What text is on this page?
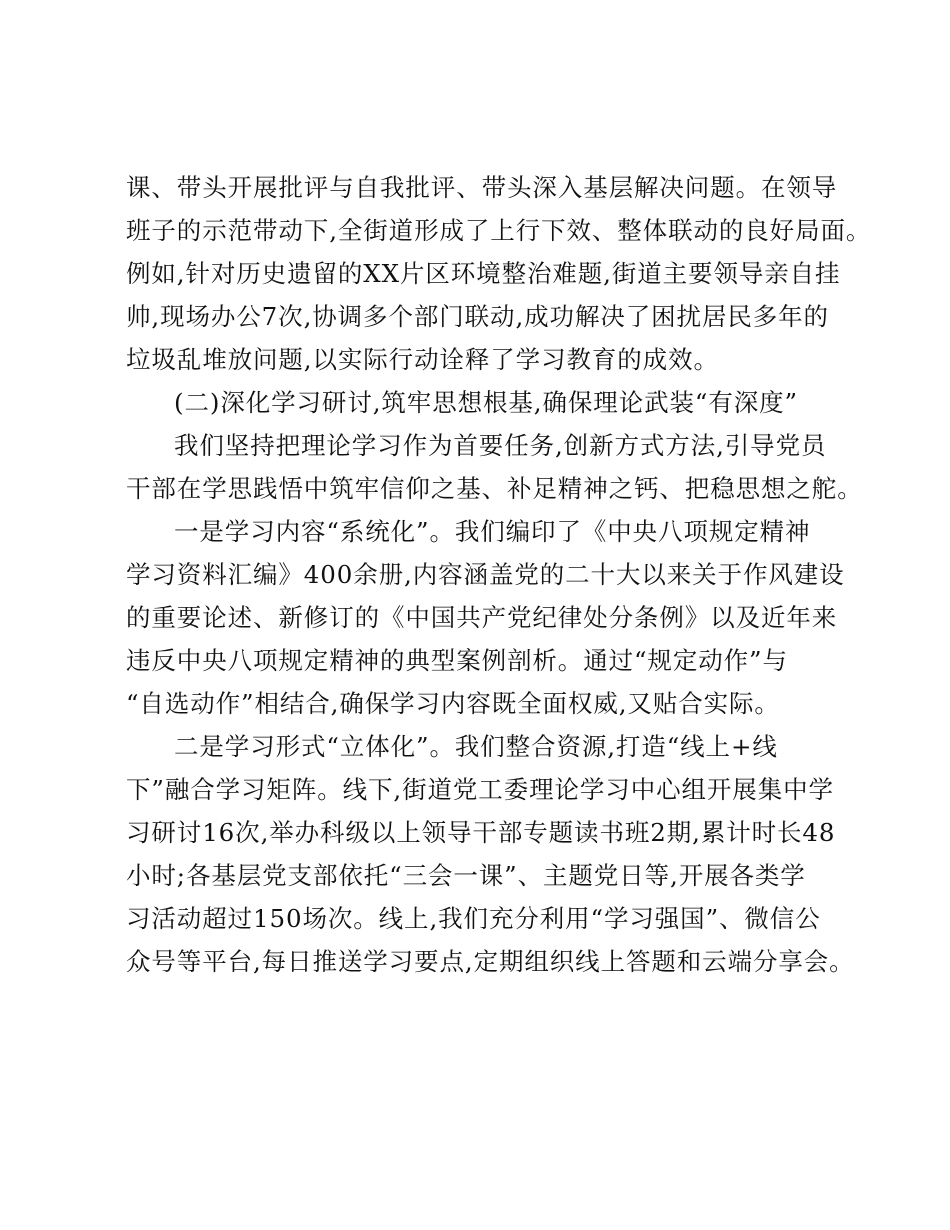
课、带头开展批评与自我批评、带头深入基层解决问题。在领导
班子的示范带动下,全街道形成了上行下效、整体联动的良好局面。
例如,针对历史遗留的XX片区环境整治难题,街道主要领导亲自挂
帅,现场办公7次,协调多个部门联动,成功解决了困扰居民多年的
垃圾乱堆放问题,以实际行动诠释了学习教育的成效。
(二)深化学习研讨,筑牢思想根基,确保理论武装“有深度”
我们坚持把理论学习作为首要任务,创新方式方法,引导党员
干部在学思践悟中筑牢信仰之基、补足精神之钙、把稳思想之舵。
一是学习内容“系统化”。我们编印了《中央八项规定精神
学习资料汇编》400余册,内容涵盖党的二十大以来关于作风建设
的重要论述、新修订的《中国共产党纪律处分条例》以及近年来
违反中央八项规定精神的典型案例剖析。通过“规定动作”与
“自选动作”相结合,确保学习内容既全面权威,又贴合实际。
二是学习形式“立体化”。我们整合资源,打造“线上+线
下”融合学习矩阵。线下,街道党工委理论学习中心组开展集中学
习研讨16次,举办科级以上领导干部专题读书班2期,累计时长48
小时;各基层党支部依托“三会一课”、主题党日等,开展各类学
习活动超过150场次。线上,我们充分利用“学习强国”、微信公
众号等平台,每日推送学习要点,定期组织线上答题和云端分享会。
